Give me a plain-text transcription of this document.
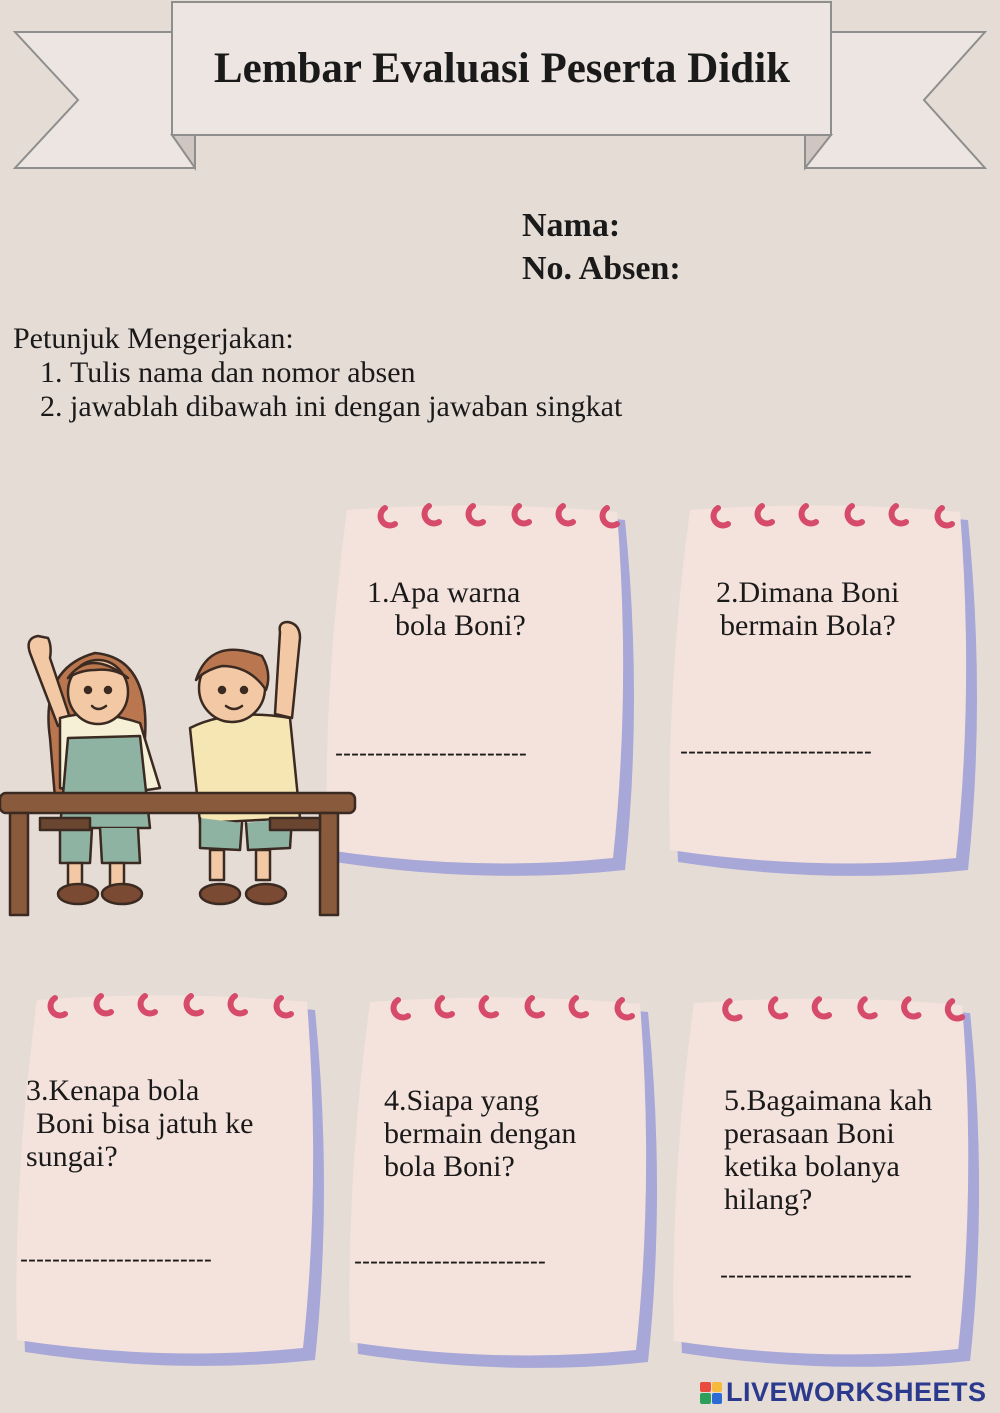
Lembar Evaluasi Peserta Didik
Nama:
No. Absen:
Petunjuk Mengerjakan:
1. Tulis nama dan nomor absen
2. jawablah dibawah ini dengan jawaban singkat
1.Apa warna
bola Boni?
------------------------
2.Dimana Boni
bermain Bola?
------------------------
3.Kenapa bola
Boni bisa jatuh ke
sungai?
------------------------
4.Siapa yang
bermain dengan
bola Boni?
------------------------
5.Bagaimana kah
perasaan Boni
ketika bolanya
hilang?
------------------------
LIVEWORKSHEETS
